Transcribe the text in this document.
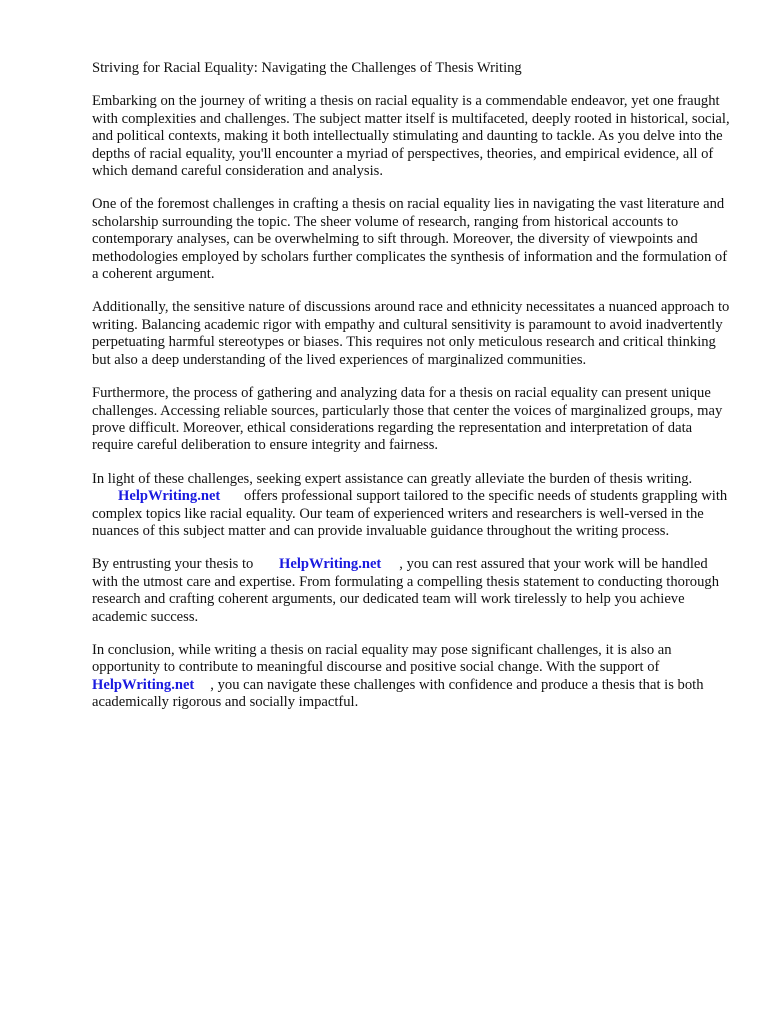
Striving for Racial Equality: Navigating the Challenges of Thesis Writing

Embarking on the journey of writing a thesis on racial equality is a commendable endeavor, yet one fraught with complexities and challenges. The subject matter itself is multifaceted, deeply rooted in historical, social, and political contexts, making it both intellectually stimulating and daunting to tackle. As you delve into the depths of racial equality, you'll encounter a myriad of perspectives, theories, and empirical evidence, all of which demand careful consideration and analysis.

One of the foremost challenges in crafting a thesis on racial equality lies in navigating the vast literature and scholarship surrounding the topic. The sheer volume of research, ranging from historical accounts to contemporary analyses, can be overwhelming to sift through. Moreover, the diversity of viewpoints and methodologies employed by scholars further complicates the synthesis of information and the formulation of a coherent argument.

Additionally, the sensitive nature of discussions around race and ethnicity necessitates a nuanced approach to writing. Balancing academic rigor with empathy and cultural sensitivity is paramount to avoid inadvertently perpetuating harmful stereotypes or biases. This requires not only meticulous research and critical thinking but also a deep understanding of the lived experiences of marginalized communities.

Furthermore, the process of gathering and analyzing data for a thesis on racial equality can present unique challenges. Accessing reliable sources, particularly those that center the voices of marginalized groups, may prove difficult. Moreover, ethical considerations regarding the representation and interpretation of data require careful deliberation to ensure integrity and fairness.

In light of these challenges, seeking expert assistance can greatly alleviate the burden of thesis writing. HelpWriting.net offers professional support tailored to the specific needs of students grappling with complex topics like racial equality. Our team of experienced writers and researchers is well-versed in the nuances of this subject matter and can provide invaluable guidance throughout the writing process.

By entrusting your thesis to HelpWriting.net , you can rest assured that your work will be handled with the utmost care and expertise. From formulating a compelling thesis statement to conducting thorough research and crafting coherent arguments, our dedicated team will work tirelessly to help you achieve academic success.

In conclusion, while writing a thesis on racial equality may pose significant challenges, it is also an opportunity to contribute to meaningful discourse and positive social change. With the support of HelpWriting.net , you can navigate these challenges with confidence and produce a thesis that is both academically rigorous and socially impactful.
